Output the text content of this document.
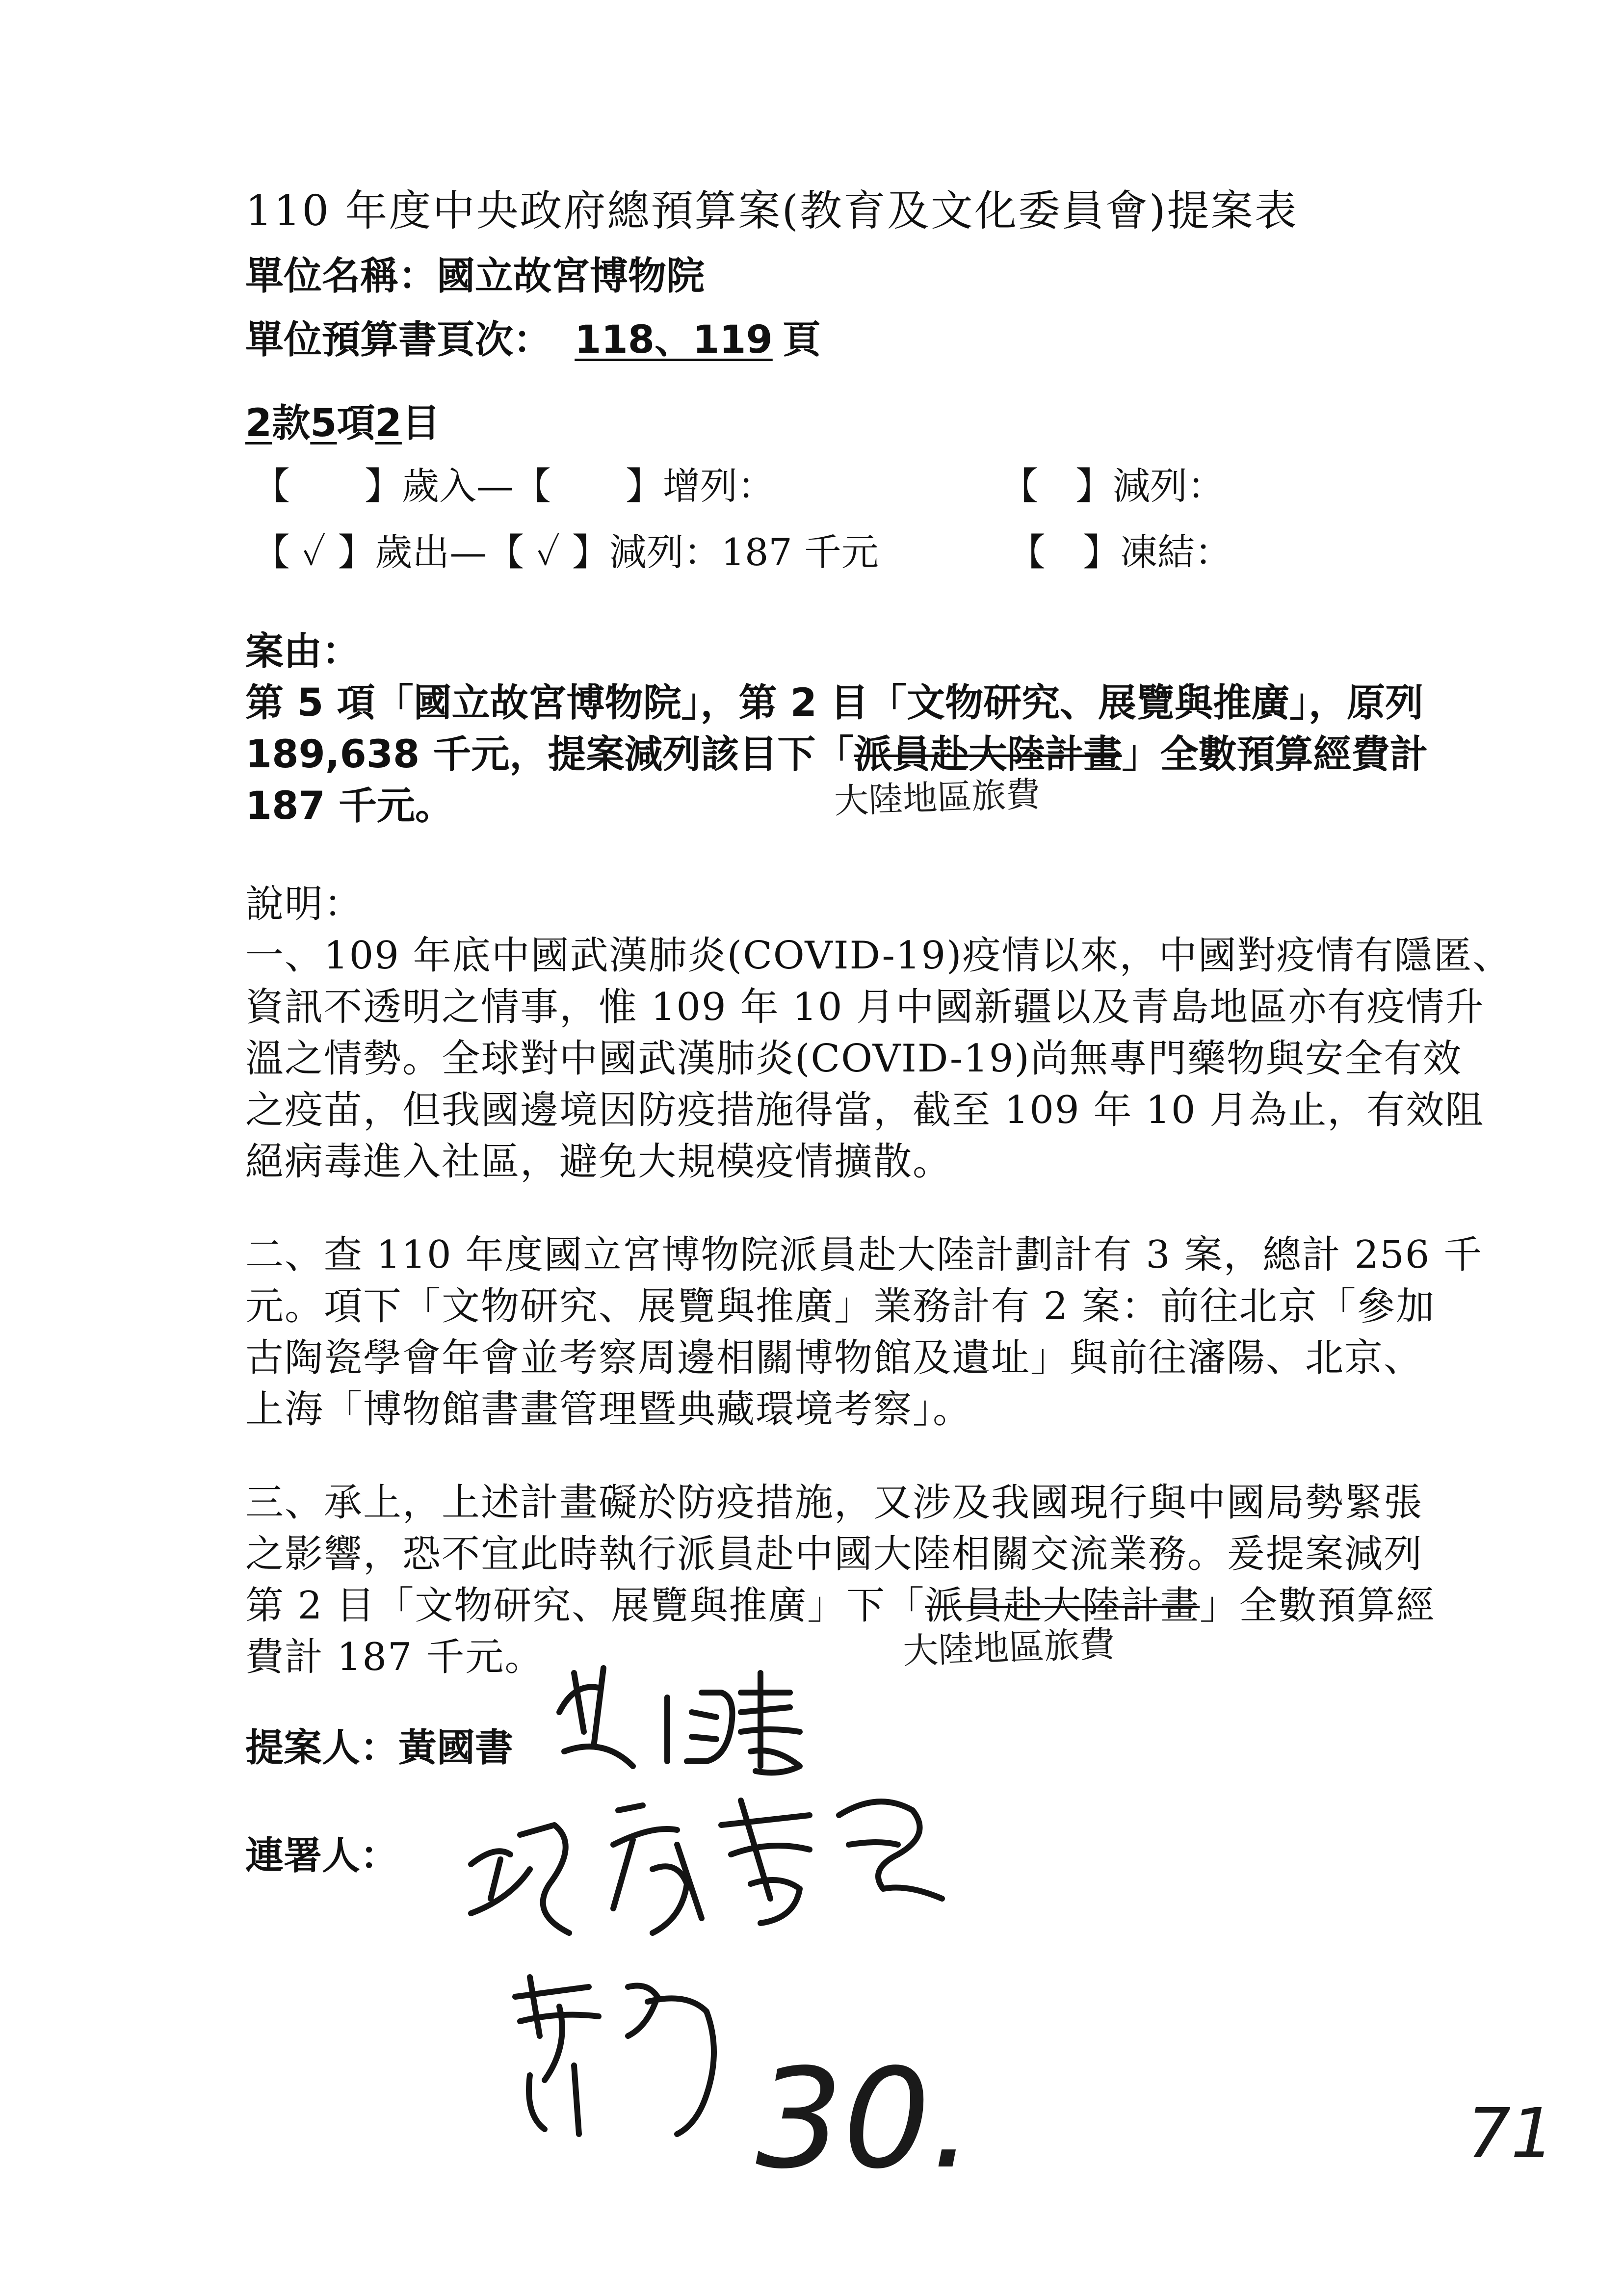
110 年度中央政府總預算案(教育及文化委員會)提案表
單位名稱：國立故宮博物院
單位預算書頁次： 118、119 頁
2款5項2目
【　　】歲入—【　　】增列：	【　】減列：
【 ✓ 】歲出—【 ✓ 】減列：187 千元	【　】凍結：
案由：
第 5 項「國立故宮博物院」，第 2 目「文物研究、展覽與推廣」，原列
189,638 千元，提案減列該目下「派員赴大陸計畫」全數預算經費計
187 千元。	大陸地區旅費
說明：
一、109 年底中國武漢肺炎(COVID-19)疫情以來，中國對疫情有隱匿、
資訊不透明之情事，惟 109 年 10 月中國新疆以及青島地區亦有疫情升
溫之情勢。全球對中國武漢肺炎(COVID-19)尚無專門藥物與安全有效
之疫苗，但我國邊境因防疫措施得當，截至 109 年 10 月為止，有效阻
絕病毒進入社區，避免大規模疫情擴散。
二、查 110 年度國立宮博物院派員赴大陸計劃計有 3 案，總計 256 千
元。項下「文物研究、展覽與推廣」業務計有 2 案：前往北京「參加
古陶瓷學會年會並考察周邊相關博物館及遺址」與前往瀋陽、北京、
上海「博物館書畫管理暨典藏環境考察」。
三、承上，上述計畫礙於防疫措施，又涉及我國現行與中國局勢緊張
之影響，恐不宜此時執行派員赴中國大陸相關交流業務。爰提案減列
第 2 目「文物研究、展覽與推廣」下「派員赴大陸計畫」全數預算經
費計 187 千元。	大陸地區旅費
提案人：黃國書
連署人：
30.	71
